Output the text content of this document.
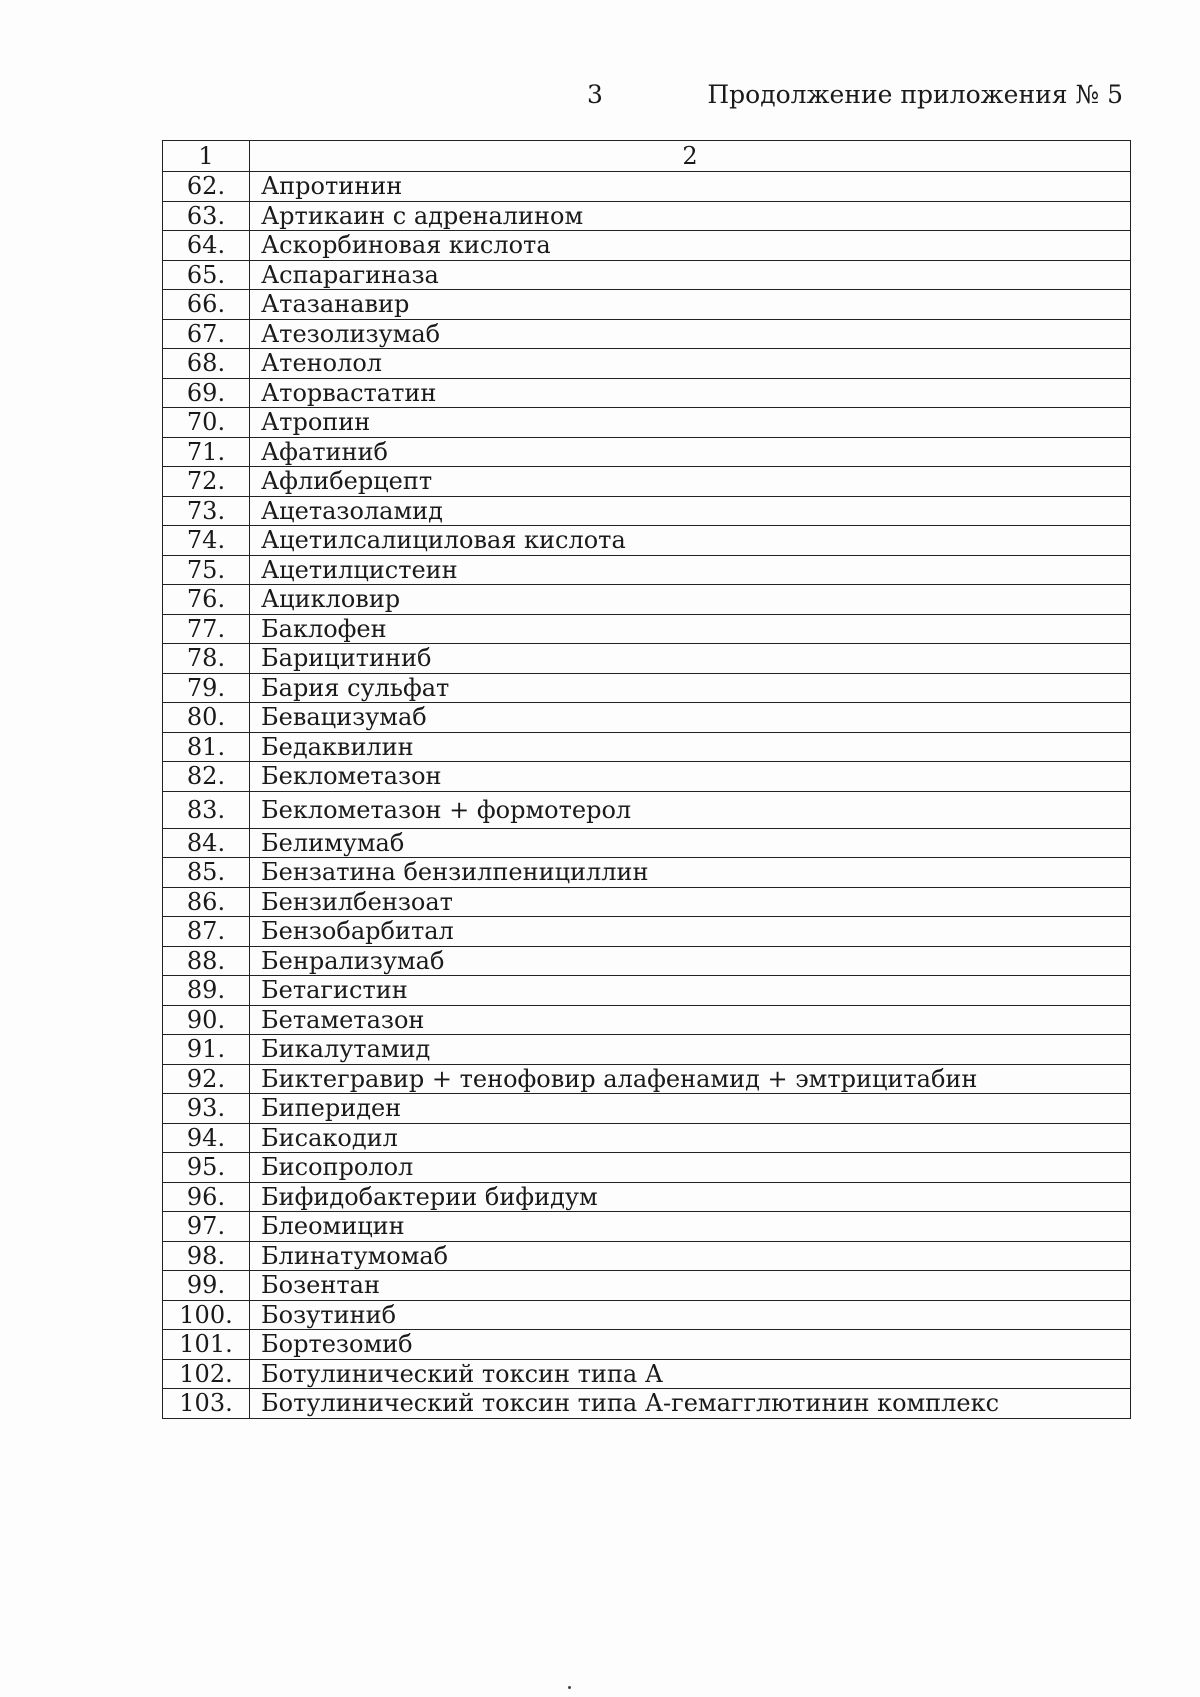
3	Продолжение приложения № 5
1	2
62.	Апротинин
63.	Артикаин с адреналином
64.	Аскорбиновая кислота
65.	Аспарагиназа
66.	Атазанавир
67.	Атезолизумаб
68.	Атенолол
69.	Аторвастатин
70.	Атропин
71.	Афатиниб
72.	Афлиберцепт
73.	Ацетазоламид
74.	Ацетилсалициловая кислота
75.	Ацетилцистеин
76.	Ацикловир
77.	Баклофен
78.	Барицитиниб
79.	Бария сульфат
80.	Бевацизумаб
81.	Бедаквилин
82.	Беклометазон
83.	Беклометазон + формотерол
84.	Белимумаб
85.	Бензатина бензилпенициллин
86.	Бензилбензоат
87.	Бензобарбитал
88.	Бенрализумаб
89.	Бетагистин
90.	Бетаметазон
91.	Бикалутамид
92.	Биктегравир + тенофовир алафенамид + эмтрицитабин
93.	Бипериден
94.	Бисакодил
95.	Бисопролол
96.	Бифидобактерии бифидум
97.	Блеомицин
98.	Блинатумомаб
99.	Бозентан
100.	Бозутиниб
101.	Бортезомиб
102.	Ботулинический токсин типа А
103.	Ботулинический токсин типа А-гемагглютинин комплекс
